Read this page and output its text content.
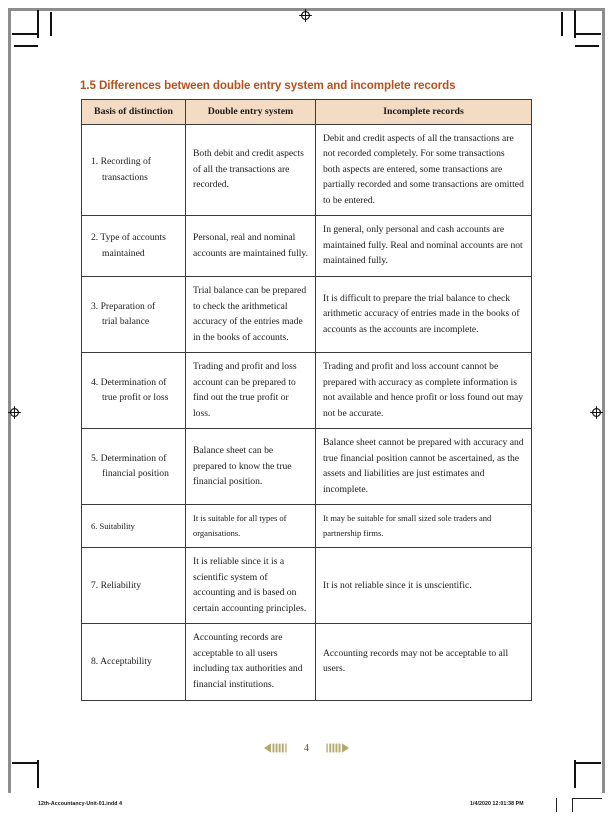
1.5 Differences between double entry system and incomplete records
Basis of distinction	Double entry system	Incomplete records

1. Recording of
transactions	Both debit and credit aspects of all the transactions are recorded.	Debit and credit aspects of all the transactions are not recorded completely. For some transactions both aspects are entered, some transactions are partially recorded and some transactions are omitted to be entered.

2. Type of accounts
maintained	Personal, real and nominal accounts are maintained fully.	In general, only personal and cash accounts are maintained fully. Real and nominal accounts are not maintained fully.

3. Preparation of
trial balance	Trial balance can be prepared to check the arithmetical accuracy of the entries made in the books of accounts.	It is difficult to prepare the trial balance to check arithmetic accuracy of entries made in the books of accounts as the accounts are incomplete.

4. Determination of
true profit or loss	Trading and profit and loss account can be prepared to find out the true profit or loss.	Trading and profit and loss account cannot be prepared with accuracy as complete information is not available and hence profit or loss found out may not be accurate.

5. Determination of
financial position	Balance sheet can be prepared to know the true financial position.	Balance sheet cannot be prepared with accuracy and true financial position cannot be ascertained, as the assets and liabilities are just estimates and incomplete.

6. Suitability	It is suitable for all types of organisations.	It may be suitable for small sized sole traders and partnership firms.

7. Reliability	It is reliable since it is a scientific system of accounting and is based on certain accounting principles.	It is not reliable since it is unscientific.

8. Acceptability	Accounting records are acceptable to all users including tax authorities and financial institutions.	Accounting records may not be acceptable to all users.
4
12th-Accountancy-Unit-01.indd 4	1/4/2020 12:01:38 PM
